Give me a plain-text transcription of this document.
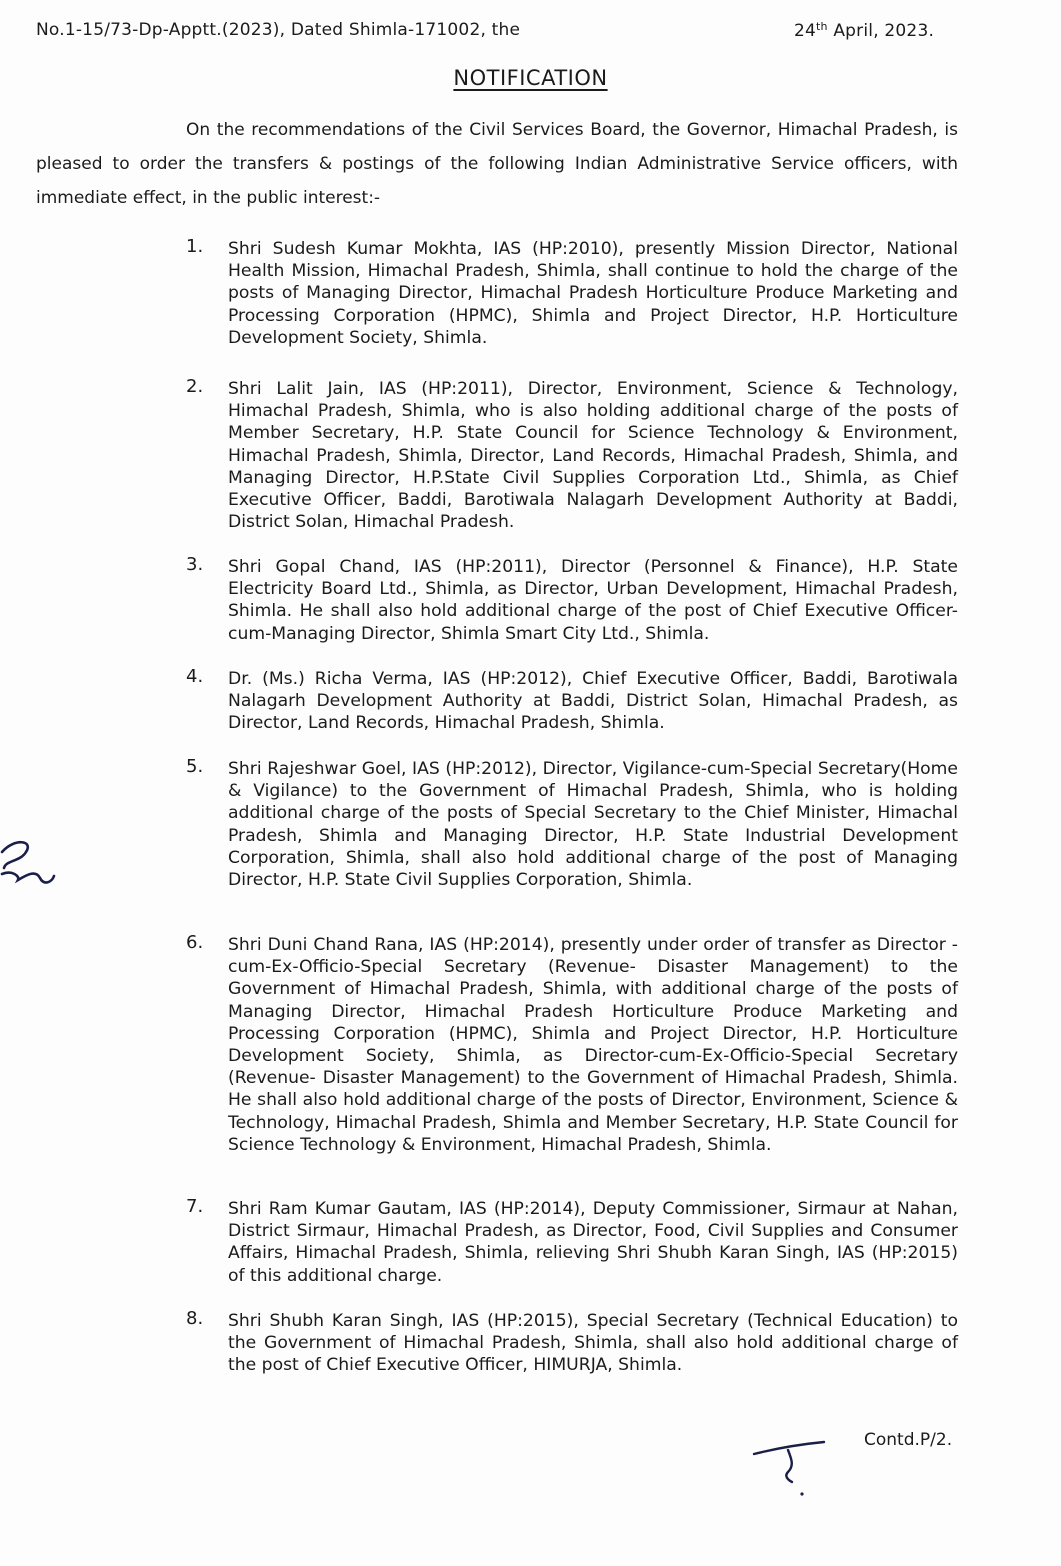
No.1-15/73-Dp-Apptt.(2023), Dated Shimla-171002, the	24th April, 2023.
NOTIFICATION

On the recommendations of the Civil Services Board, the Governor, Himachal Pradesh, is pleased to order the transfers & postings of the following Indian Administrative Service officers, with immediate effect, in the public interest:-

1.	Shri Sudesh Kumar Mokhta, IAS (HP:2010), presently Mission Director, National Health Mission, Himachal Pradesh, Shimla, shall continue to hold the charge of the posts of Managing Director, Himachal Pradesh Horticulture Produce Marketing and Processing Corporation (HPMC), Shimla and Project Director, H.P. Horticulture Development Society, Shimla.

2.	Shri Lalit Jain, IAS (HP:2011), Director, Environment, Science & Technology, Himachal Pradesh, Shimla, who is also holding additional charge of the posts of Member Secretary, H.P. State Council for Science Technology & Environment, Himachal Pradesh, Shimla, Director, Land Records, Himachal Pradesh, Shimla, and Managing Director, H.P.State Civil Supplies Corporation Ltd., Shimla, as Chief Executive Officer, Baddi, Barotiwala Nalagarh Development Authority at Baddi, District Solan, Himachal Pradesh.

3.	Shri Gopal Chand, IAS (HP:2011), Director (Personnel & Finance), H.P. State Electricity Board Ltd., Shimla, as Director, Urban Development, Himachal Pradesh, Shimla. He shall also hold additional charge of the post of Chief Executive Officer-cum-Managing Director, Shimla Smart City Ltd., Shimla.

4.	Dr. (Ms.) Richa Verma, IAS (HP:2012), Chief Executive Officer, Baddi, Barotiwala Nalagarh Development Authority at Baddi, District Solan, Himachal Pradesh, as Director, Land Records, Himachal Pradesh, Shimla.

5.	Shri Rajeshwar Goel, IAS (HP:2012), Director, Vigilance-cum-Special Secretary(Home & Vigilance) to the Government of Himachal Pradesh, Shimla, who is holding additional charge of the posts of Special Secretary to the Chief Minister, Himachal Pradesh, Shimla and Managing Director, H.P. State Industrial Development Corporation, Shimla, shall also hold additional charge of the post of Managing Director, H.P. State Civil Supplies Corporation, Shimla.

6.	Shri Duni Chand Rana, IAS (HP:2014), presently under order of transfer as Director -cum-Ex-Officio-Special Secretary (Revenue- Disaster Management) to the Government of Himachal Pradesh, Shimla, with additional charge of the posts of Managing Director, Himachal Pradesh Horticulture Produce Marketing and Processing Corporation (HPMC), Shimla and Project Director, H.P. Horticulture Development Society, Shimla, as Director-cum-Ex-Officio-Special Secretary (Revenue- Disaster Management) to the Government of Himachal Pradesh, Shimla. He shall also hold additional charge of the posts of Director, Environment, Science & Technology, Himachal Pradesh, Shimla and Member Secretary, H.P. State Council for Science Technology & Environment, Himachal Pradesh, Shimla.

7.	Shri Ram Kumar Gautam, IAS (HP:2014), Deputy Commissioner, Sirmaur at Nahan, District Sirmaur, Himachal Pradesh, as Director, Food, Civil Supplies and Consumer Affairs, Himachal Pradesh, Shimla, relieving Shri Shubh Karan Singh, IAS (HP:2015) of this additional charge.

8.	Shri Shubh Karan Singh, IAS (HP:2015), Special Secretary (Technical Education) to the Government of Himachal Pradesh, Shimla, shall also hold additional charge of the post of Chief Executive Officer, HIMURJA, Shimla.

Contd.P/2.
